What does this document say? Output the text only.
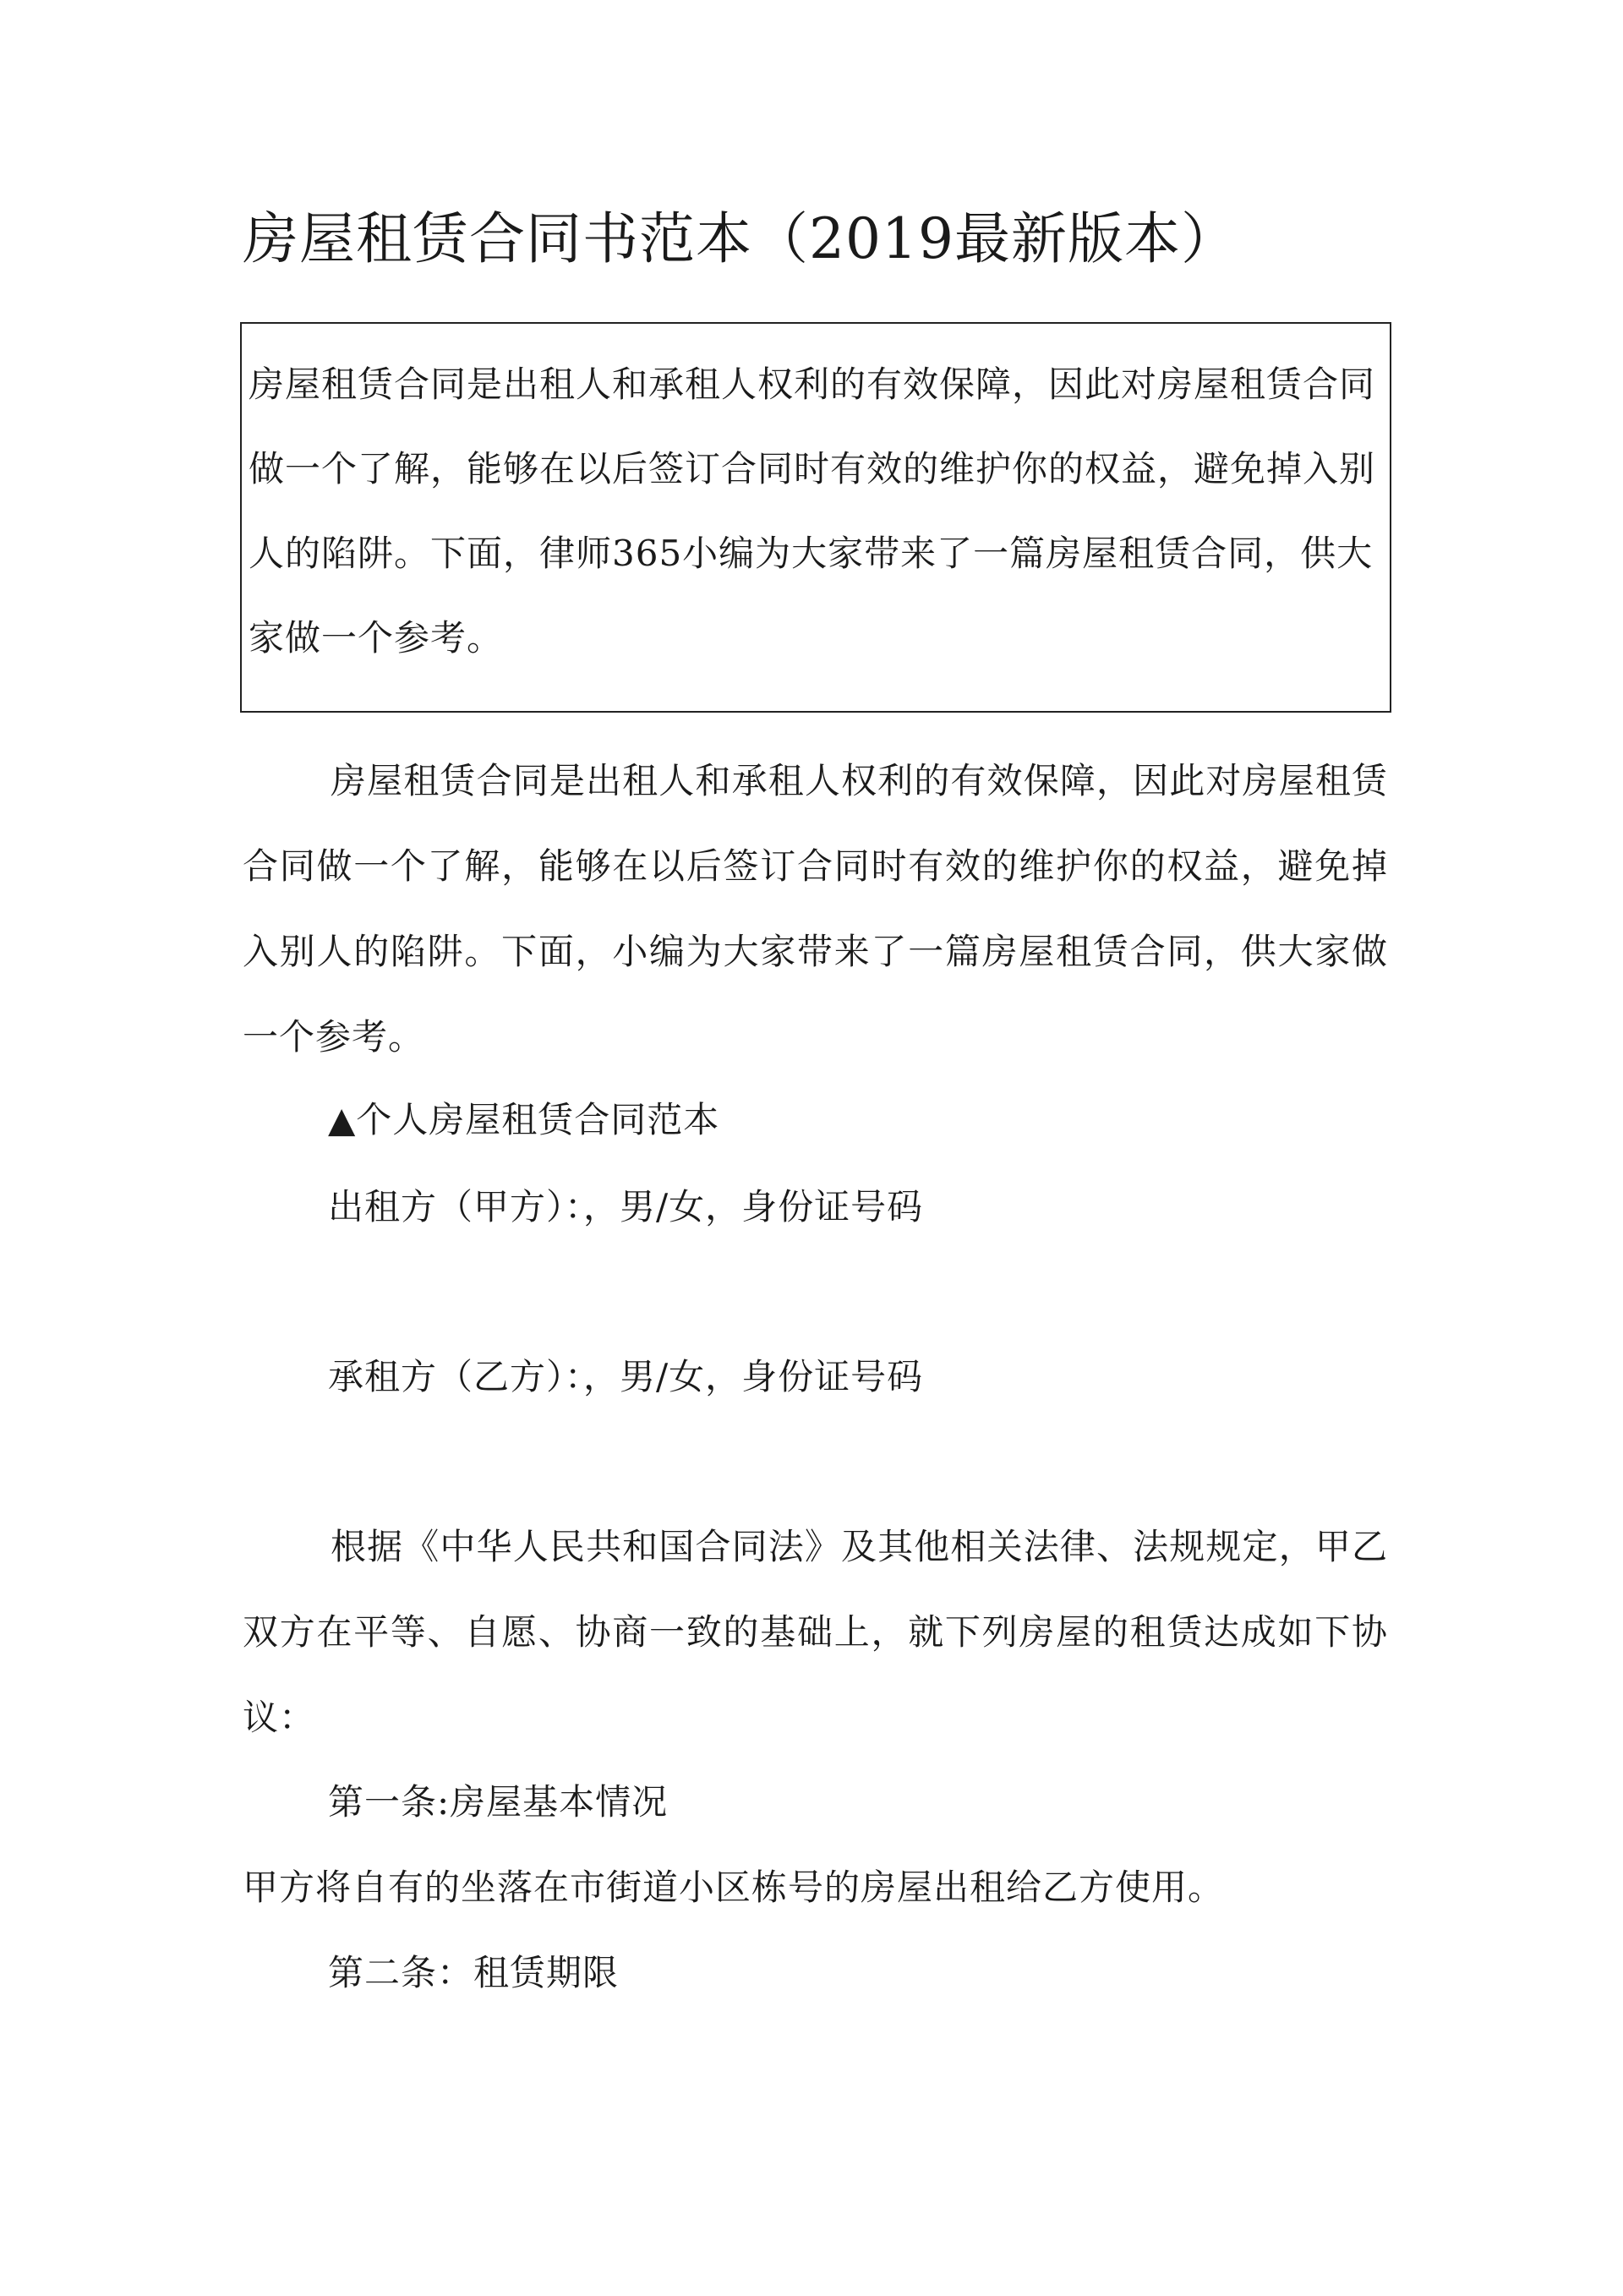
房屋租赁合同书范本（2019最新版本）

房屋租赁合同是出租人和承租人权利的有效保障，因此对房屋租赁合同做一个了解，能够在以后签订合同时有效的维护你的权益，避免掉入别人的陷阱。下面，律师365小编为大家带来了一篇房屋租赁合同，供大家做一个参考。

房屋租赁合同是出租人和承租人权利的有效保障，因此对房屋租赁合同做一个了解，能够在以后签订合同时有效的维护你的权益，避免掉入别人的陷阱。下面，小编为大家带来了一篇房屋租赁合同，供大家做一个参考。

▲个人房屋租赁合同范本
出租方（甲方）：，男/女，身份证号码
承租方（乙方）：，男/女，身份证号码

根据《中华人民共和国合同法》及其他相关法律、法规规定，甲乙双方在平等、自愿、协商一致的基础上，就下列房屋的租赁达成如下协议：

第一条:房屋基本情况
甲方将自有的坐落在市街道小区栋号的房屋出租给乙方使用。
第二条：租赁期限
